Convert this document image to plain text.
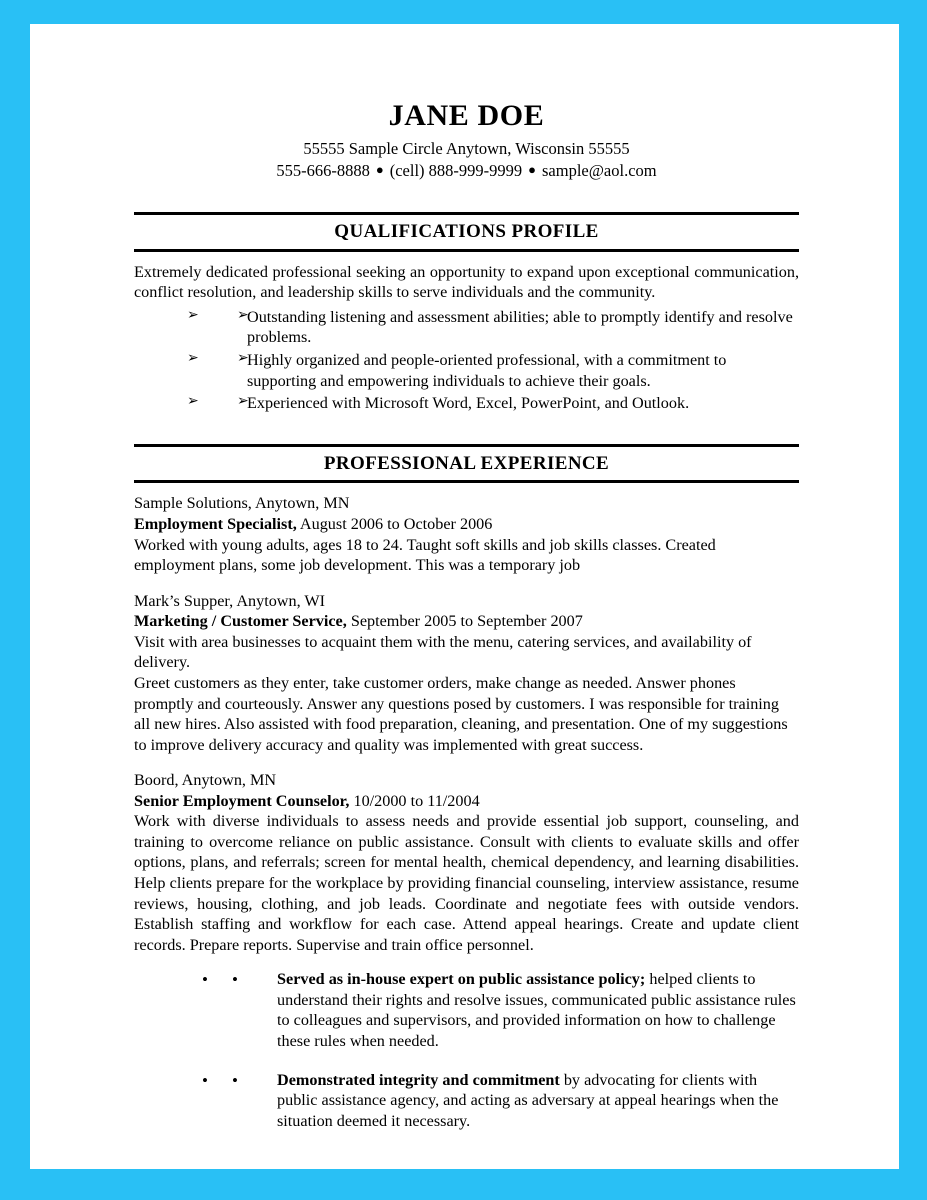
JANE DOE

55555 Sample Circle Anytown, Wisconsin 55555

555-666-8888 ● (cell) 888-999-9999 ● sample@aol.com

QUALIFICATIONS PROFILE

Extremely dedicated professional seeking an opportunity to expand upon exceptional communication, conflict resolution, and leadership skills to serve individuals and the community.

➢	➢
Outstanding listening and assessment abilities; able to promptly identify and resolve problems.
➢	➢
Highly organized and people-oriented professional, with a commitment to supporting and empowering individuals to achieve their goals.
➢	➢
Experienced with Microsoft Word, Excel, PowerPoint, and Outlook.
PROFESSIONAL EXPERIENCE

Sample Solutions, Anytown, MN

Employment Specialist, August 2006 to October 2006

Worked with young adults, ages 18 to 24. Taught soft skills and job skills classes. Created employment plans, some job development. This was a temporary job

Mark’s Supper, Anytown, WI

Marketing / Customer Service, September 2005 to September 2007

Visit with area businesses to acquaint them with the menu, catering services, and availability of delivery.

Greet customers as they enter, take customer orders, make change as needed. Answer phones promptly and courteously. Answer any questions posed by customers. I was responsible for training all new hires. Also assisted with food preparation, cleaning, and presentation. One of my suggestions to improve delivery accuracy and quality was implemented with great success.

Boord, Anytown, MN

Senior Employment Counselor, 10/2000 to 11/2004

Work with diverse individuals to assess needs and provide essential job support, counseling, and training to overcome reliance on public assistance. Consult with clients to evaluate skills and offer options, plans, and referrals; screen for mental health, chemical dependency, and learning disabilities. Help clients prepare for the workplace by providing financial counseling, interview assistance, resume reviews, housing, clothing, and job leads. Coordinate and negotiate fees with outside vendors. Establish staffing and workflow for each case. Attend appeal hearings. Create and update client records. Prepare reports. Supervise and train office personnel.

• • Served as in-house expert on public assistance policy; helped clients to understand their rights and resolve issues, communicated public assistance rules to colleagues and supervisors, and provided information on how to challenge these rules when needed.
• • Demonstrated integrity and commitment by advocating for clients with public assistance agency, and acting as adversary at appeal hearings when the situation deemed it necessary.
